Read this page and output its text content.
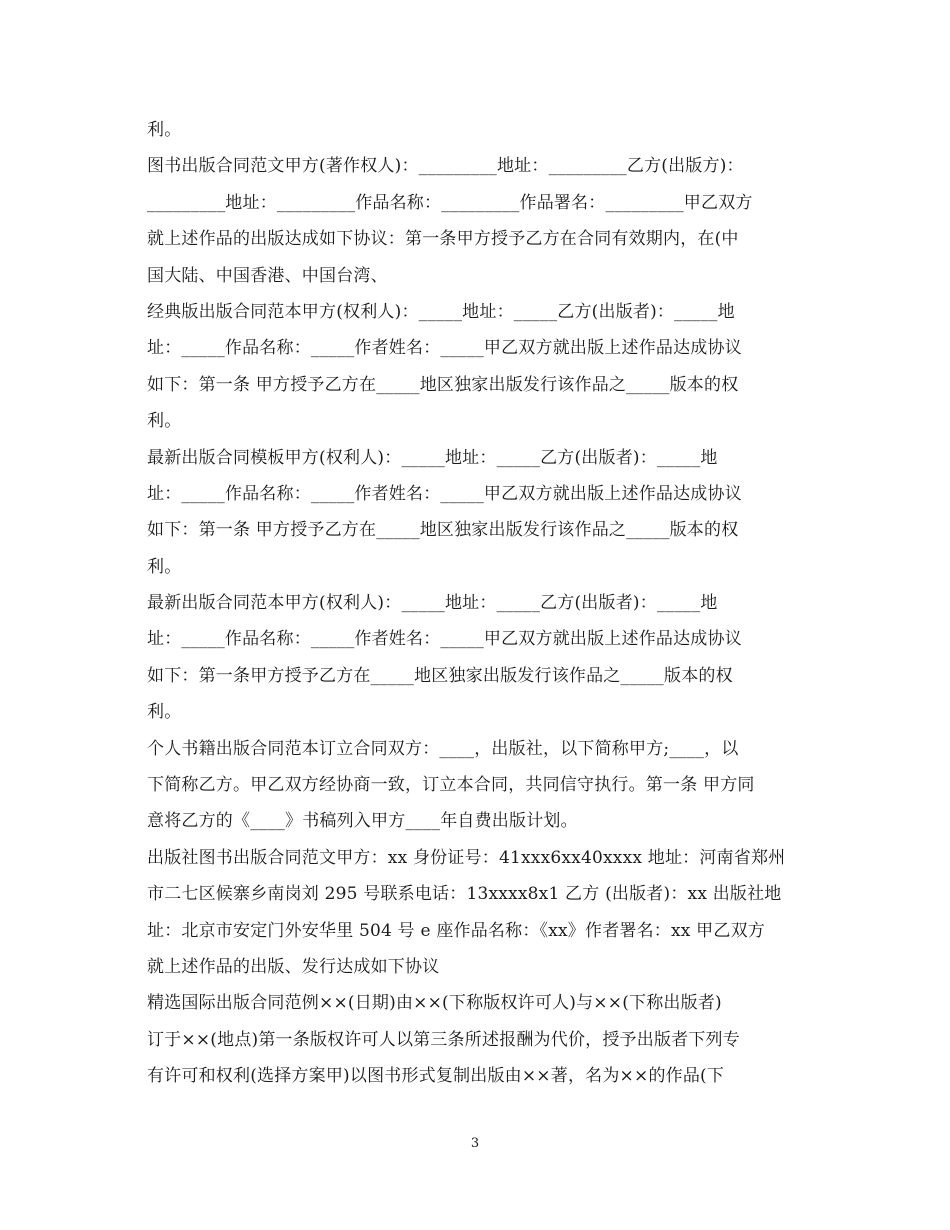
利。
图书出版合同范文甲方(著作权人)：_________地址：_________乙方(出版方)：
_________地址：_________作品名称：_________作品署名：_________甲乙双方
就上述作品的出版达成如下协议：第一条甲方授予乙方在合同有效期内，在(中
国大陆、中国香港、中国台湾、
经典版出版合同范本甲方(权利人)：_____地址：_____乙方(出版者)：_____地
址：_____作品名称：_____作者姓名：_____甲乙双方就出版上述作品达成协议
如下：第一条 甲方授予乙方在_____地区独家出版发行该作品之_____版本的权
利。
最新出版合同模板甲方(权利人)：_____地址：_____乙方(出版者)：_____地
址：_____作品名称：_____作者姓名：_____甲乙双方就出版上述作品达成协议
如下：第一条 甲方授予乙方在_____地区独家出版发行该作品之_____版本的权
利。
最新出版合同范本甲方(权利人)：_____地址：_____乙方(出版者)：_____地
址：_____作品名称：_____作者姓名：_____甲乙双方就出版上述作品达成协议
如下：第一条甲方授予乙方在_____地区独家出版发行该作品之_____版本的权
利。
个人书籍出版合同范本订立合同双方：____，出版社，以下简称甲方;____，以
下简称乙方。甲乙双方经协商一致，订立本合同，共同信守执行。第一条 甲方同
意将乙方的《____》书稿列入甲方____年自费出版计划。
出版社图书出版合同范文甲方：xx 身份证号：41xxx6xx40xxxx 地址：河南省郑州
市二七区候寨乡南岗刘 295 号联系电话：13xxxx8x1 乙方 (出版者)：xx 出版社地
址：北京市安定门外安华里 504 号 e 座作品名称：《xx》作者署名：xx 甲乙双方
就上述作品的出版、发行达成如下协议
精选国际出版合同范例××(日期)由××(下称版权许可人)与××(下称出版者)
订于××(地点)第一条版权许可人以第三条所述报酬为代价，授予出版者下列专
有许可和权利(选择方案甲)以图书形式复制出版由××著，名为××的作品(下
3
